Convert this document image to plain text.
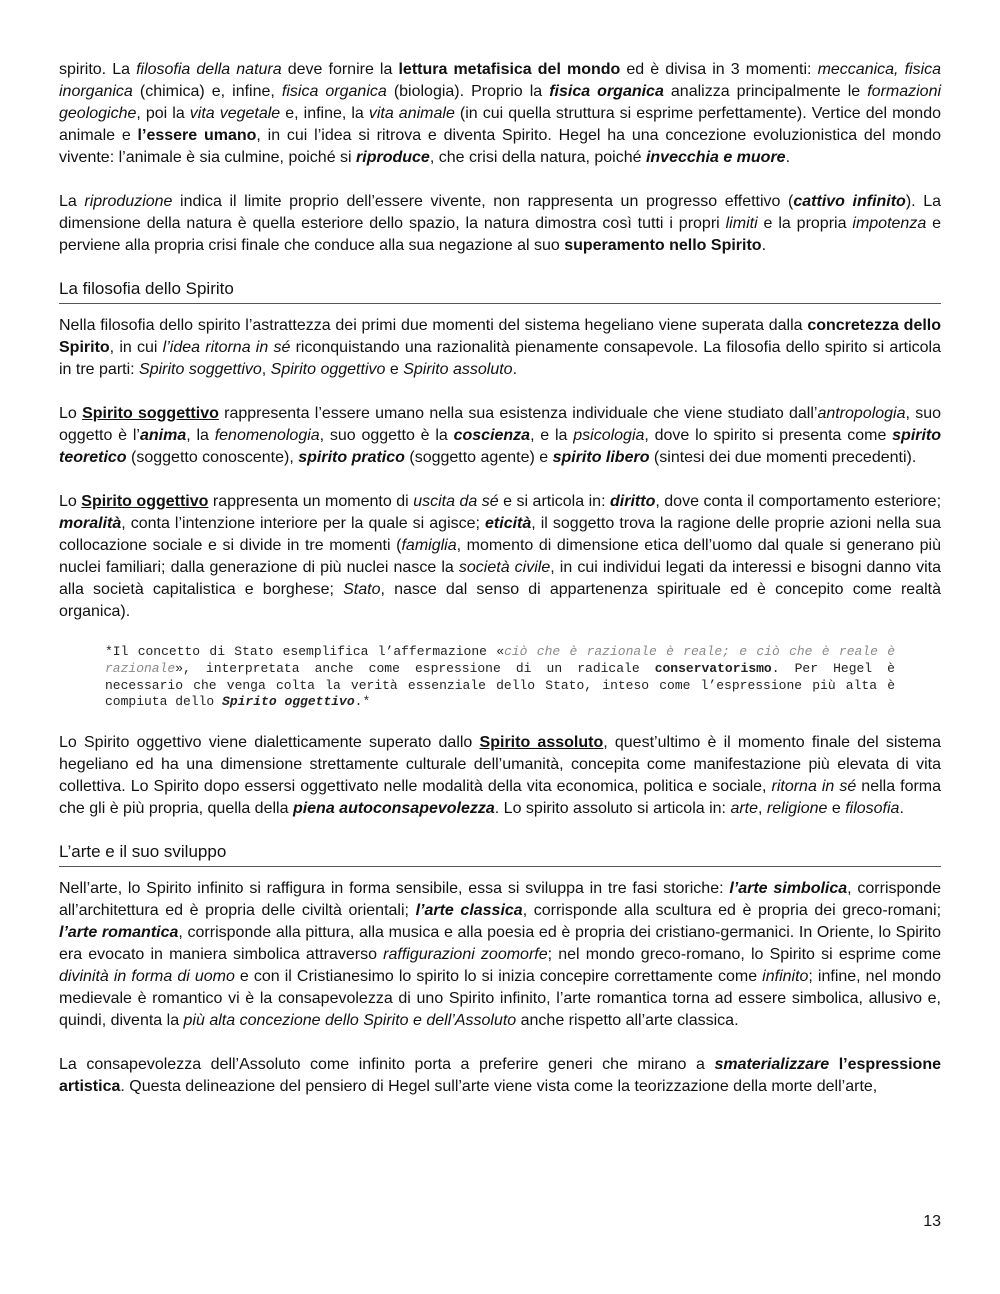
spirito. La filosofia della natura deve fornire la lettura metafisica del mondo ed è divisa in 3 momenti: meccanica, fisica inorganica (chimica) e, infine, fisica organica (biologia). Proprio la fisica organica analizza principalmente le formazioni geologiche, poi la vita vegetale e, infine, la vita animale (in cui quella struttura si esprime perfettamente). Vertice del mondo animale e l’essere umano, in cui l’idea si ritrova e diventa Spirito. Hegel ha una concezione evoluzionistica del mondo vivente: l’animale è sia culmine, poiché si riproduce, che crisi della natura, poiché invecchia e muore.

La riproduzione indica il limite proprio dell’essere vivente, non rappresenta un progresso effettivo (cattivo infinito). La dimensione della natura è quella esteriore dello spazio, la natura dimostra così tutti i propri limiti e la propria impotenza e perviene alla propria crisi finale che conduce alla sua negazione al suo superamento nello Spirito.

La filosofia dello Spirito

Nella filosofia dello spirito l’astrattezza dei primi due momenti del sistema hegeliano viene superata dalla concretezza dello Spirito, in cui l’idea ritorna in sé riconquistando una razionalità pienamente consapevole. La filosofia dello spirito si articola in tre parti: Spirito soggettivo, Spirito oggettivo e Spirito assoluto.

Lo Spirito soggettivo rappresenta l’essere umano nella sua esistenza individuale che viene studiato dall’antropologia, suo oggetto è l’anima, la fenomenologia, suo oggetto è la coscienza, e la psicologia, dove lo spirito si presenta come spirito teoretico (soggetto conoscente), spirito pratico (soggetto agente) e spirito libero (sintesi dei due momenti precedenti).

Lo Spirito oggettivo rappresenta un momento di uscita da sé e si articola in: diritto, dove conta il comportamento esteriore; moralità, conta l’intenzione interiore per la quale si agisce; eticità, il soggetto trova la ragione delle proprie azioni nella sua collocazione sociale e si divide in tre momenti (famiglia, momento di dimensione etica dell’uomo dal quale si generano più nuclei familiari; dalla generazione di più nuclei nasce la società civile, in cui individui legati da interessi e bisogni danno vita alla società capitalistica e borghese; Stato, nasce dal senso di appartenenza spirituale ed è concepito come realtà organica).

*Il concetto di Stato esemplifica l’affermazione «ciò che è razionale è reale; e ciò che è reale è razionale», interpretata anche come espressione di un radicale conservatorismo. Per Hegel è necessario che venga colta la verità essenziale dello Stato, inteso come l’espressione più alta è compiuta dello Spirito oggettivo.*

Lo Spirito oggettivo viene dialetticamente superato dallo Spirito assoluto, quest’ultimo è il momento finale del sistema hegeliano ed ha una dimensione strettamente culturale dell’umanità, concepita come manifestazione più elevata di vita collettiva. Lo Spirito dopo essersi oggettivato nelle modalità della vita economica, politica e sociale, ritorna in sé nella forma che gli è più propria, quella della piena autoconsapevolezza. Lo spirito assoluto si articola in: arte, religione e filosofia.

L’arte e il suo sviluppo

Nell’arte, lo Spirito infinito si raffigura in forma sensibile, essa si sviluppa in tre fasi storiche: l’arte simbolica, corrisponde all’architettura ed è propria delle civiltà orientali; l’arte classica, corrisponde alla scultura ed è propria dei greco-romani; l’arte romantica, corrisponde alla pittura, alla musica e alla poesia ed è propria dei cristiano-germanici. In Oriente, lo Spirito era evocato in maniera simbolica attraverso raffigurazioni zoomorfe; nel mondo greco-romano, lo Spirito si esprime come divinità in forma di uomo e con il Cristianesimo lo spirito lo si inizia concepire correttamente come infinito; infine, nel mondo medievale è romantico vi è la consapevolezza di uno Spirito infinito, l’arte romantica torna ad essere simbolica, allusivo e, quindi, diventa la più alta concezione dello Spirito e dell’Assoluto anche rispetto all’arte classica.

La consapevolezza dell’Assoluto come infinito porta a preferire generi che mirano a smaterializzare l’espressione artistica. Questa delineazione del pensiero di Hegel sull’arte viene vista come la teorizzazione della morte dell’arte,

13
